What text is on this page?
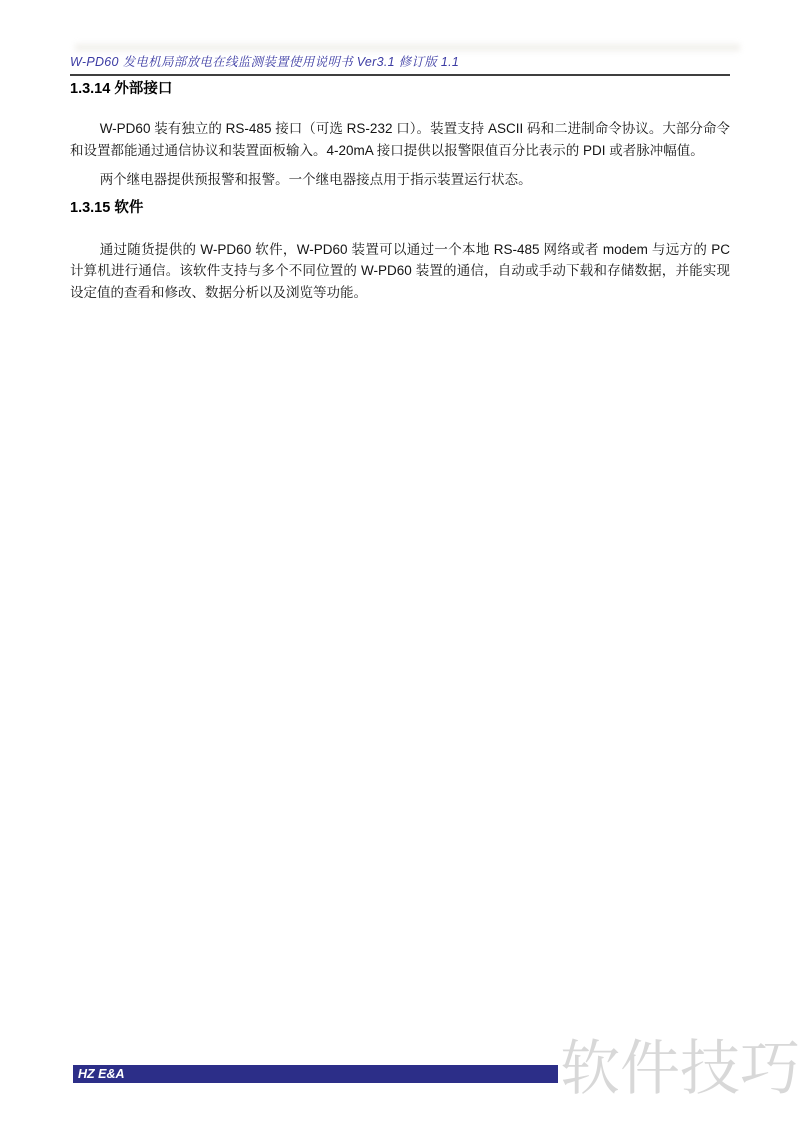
W-PD60 发电机局部放电在线监测装置使用说明书 Ver3.1 修订版 1.1
1.3.14 外部接口

W-PD60 装有独立的 RS-485 接口（可选 RS-232 口）。装置支持 ASCII 码和二进制命令协议。大部分命令和设置都能通过通信协议和装置面板输入。4-20mA 接口提供以报警限值百分比表示的 PDI 或者脉冲幅值。

两个继电器提供预报警和报警。一个继电器接点用于指示装置运行状态。

1.3.15 软件

通过随货提供的 W-PD60 软件，W-PD60 装置可以通过一个本地 RS-485 网络或者 modem 与远方的 PC 计算机进行通信。该软件支持与多个不同位置的 W-PD60 装置的通信，自动或手动下载和存储数据，并能实现设定值的查看和修改、数据分析以及浏览等功能。

HZ E&A	软件技巧
